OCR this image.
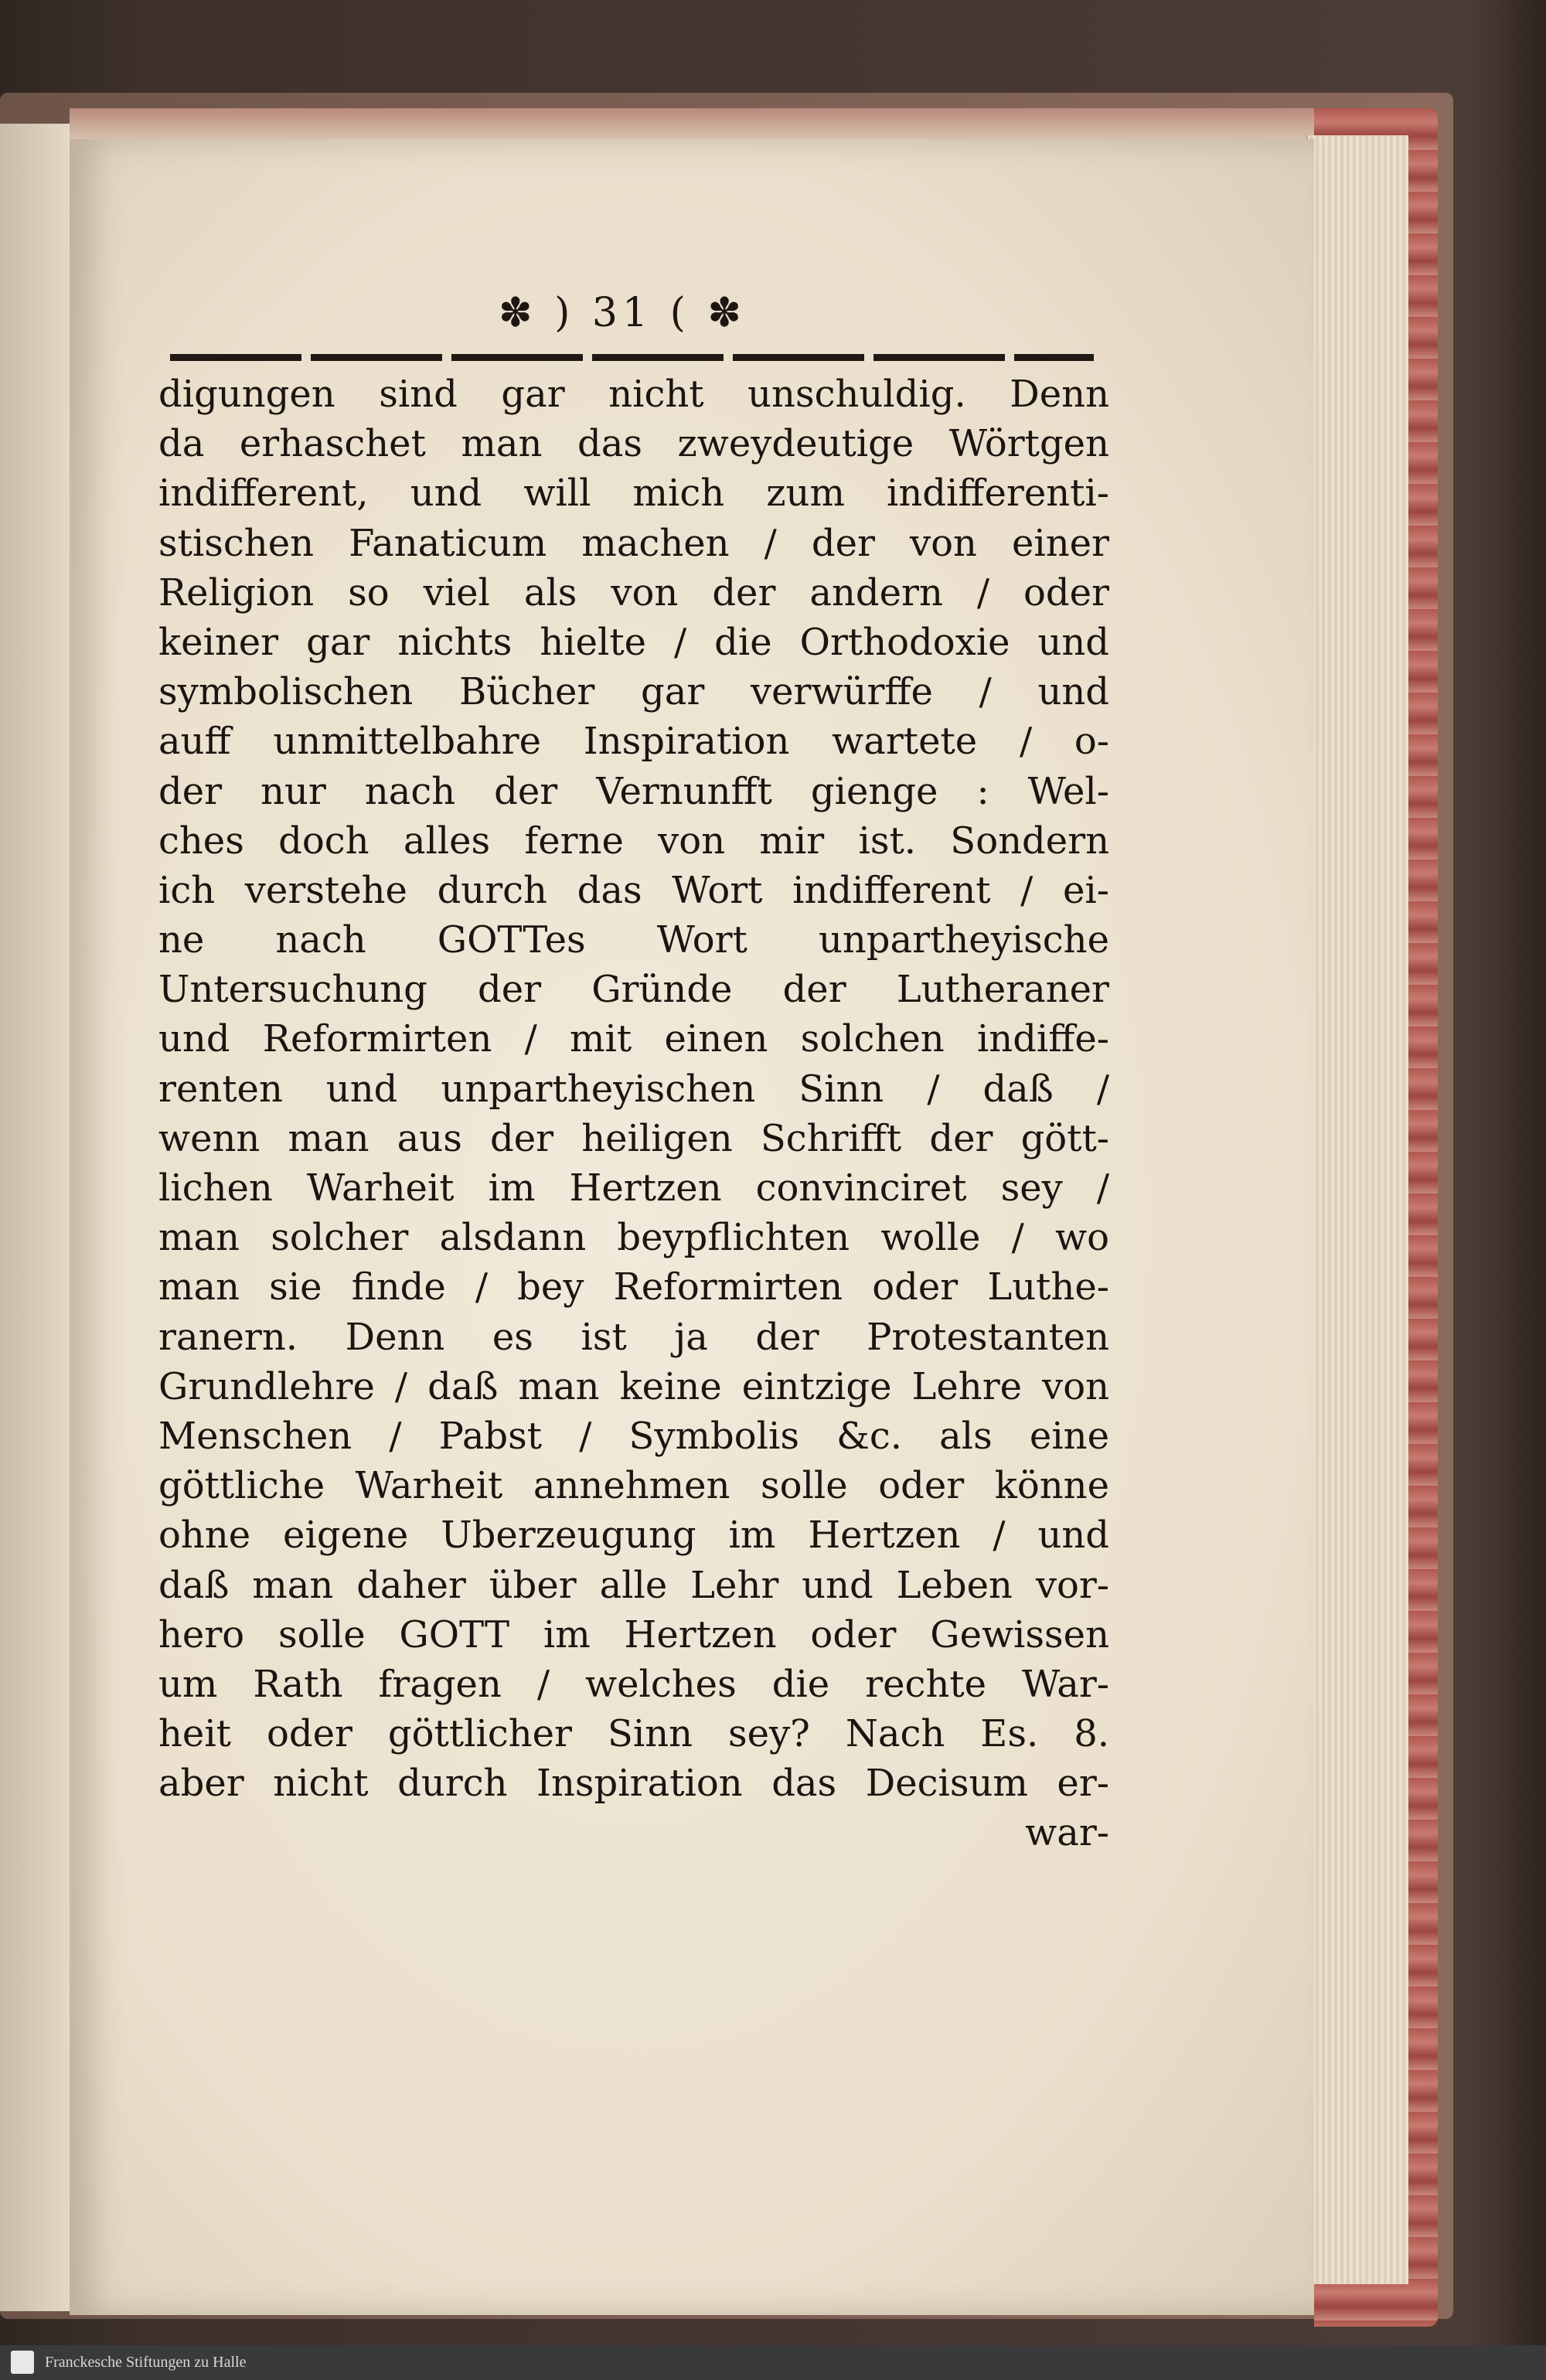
✽ ) 31 ( ✽
digungen sind gar nicht unschuldig. Denn
da erhaschet man das zweydeutige Wörtgen
indifferent, und will mich zum indifferenti-
stischen Fanaticum machen / der von einer
Religion so viel als von der andern / oder
keiner gar nichts hielte / die Orthodoxie und
symbolischen Bücher gar verwürffe / und
auff unmittelbahre Inspiration wartete / o-
der nur nach der Vernunfft gienge : Wel-
ches doch alles ferne von mir ist. Sondern
ich verstehe durch das Wort indifferent / ei-
ne nach GOTTes Wort unpartheyische
Untersuchung der Gründe der Lutheraner
und Reformirten / mit einen solchen indiffe-
renten und unpartheyischen Sinn / daß /
wenn man aus der heiligen Schrifft der gött-
lichen Warheit im Hertzen convinciret sey /
man solcher alsdann beypflichten wolle / wo
man sie finde / bey Reformirten oder Luthe-
ranern. Denn es ist ja der Protestanten
Grundlehre / daß man keine eintzige Lehre von
Menschen / Pabst / Symbolis &c. als eine
göttliche Warheit annehmen solle oder könne
ohne eigene Uberzeugung im Hertzen / und
daß man daher über alle Lehr und Leben vor-
hero solle GOTT im Hertzen oder Gewissen
um Rath fragen / welches die rechte War-
heit oder göttlicher Sinn sey? Nach Es. 8.
aber nicht durch Inspiration das Decisum er-
war-
Franckesche Stiftungen zu Halle
